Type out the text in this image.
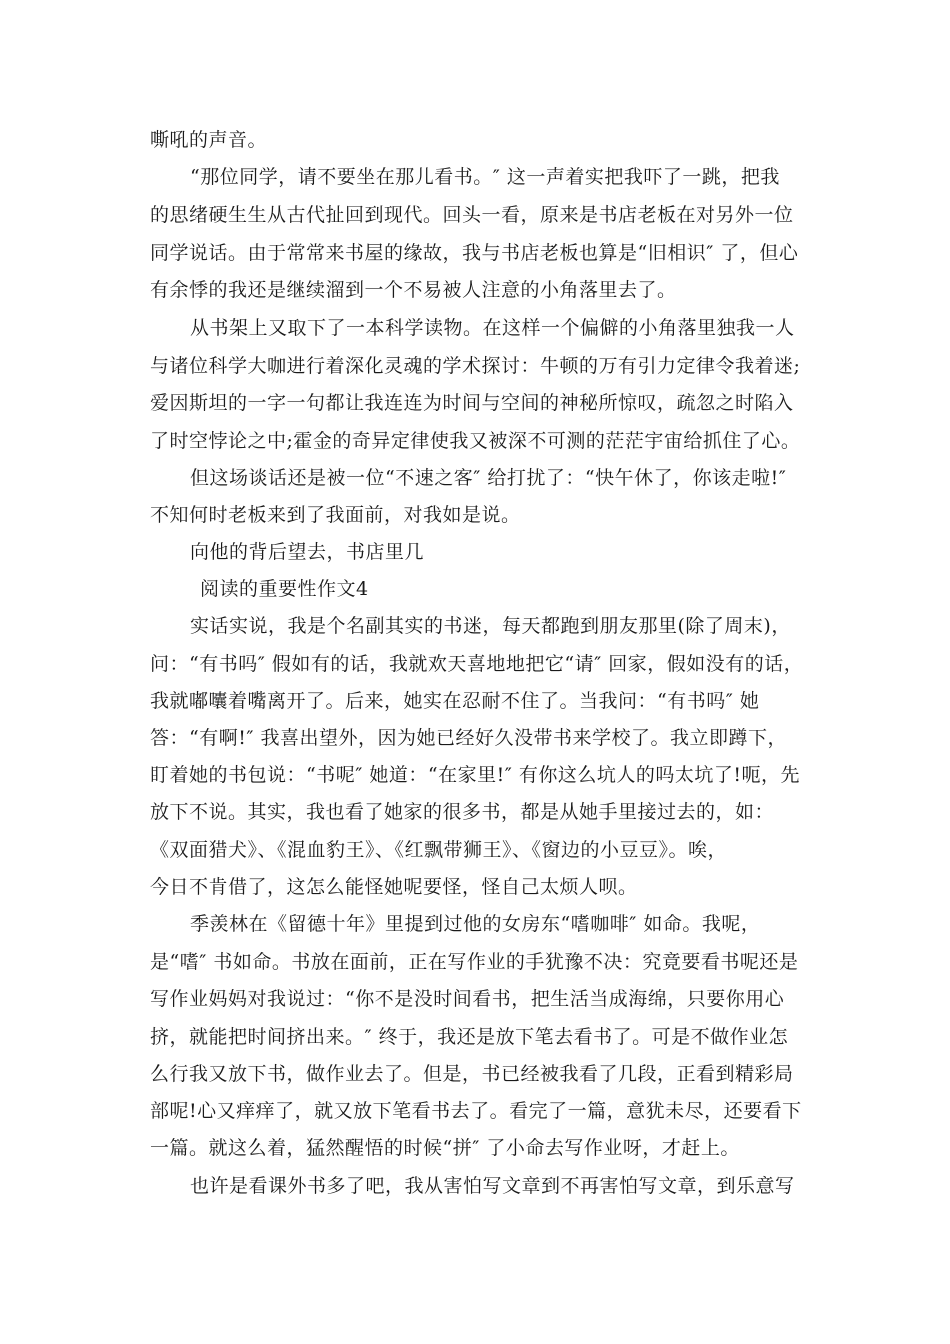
嘶吼的声音。
“那位同学，请不要坐在那儿看书。″ 这一声着实把我吓了一跳，把我
的思绪硬生生从古代扯回到现代。回头一看，原来是书店老板在对另外一位
同学说话。由于常常来书屋的缘故，我与书店老板也算是“旧相识″ 了，但心
有余悸的我还是继续溜到一个不易被人注意的小角落里去了。
从书架上又取下了一本科学读物。在这样一个偏僻的小角落里独我一人
与诸位科学大咖进行着深化灵魂的学术探讨：牛顿的万有引力定律令我着迷;
爱因斯坦的一字一句都让我连连为时间与空间的神秘所惊叹，疏忽之时陷入
了时空悖论之中;霍金的奇异定律使我又被深不可测的茫茫宇宙给抓住了心。
但这场谈话还是被一位“不速之客″ 给打扰了：“快午休了，你该走啦!″
不知何时老板来到了我面前，对我如是说。
向他的背后望去，书店里几
阅读的重要性作文4
实话实说，我是个名副其实的书迷，每天都跑到朋友那里(除了周末)，
问：“有书吗″ 假如有的话，我就欢天喜地地把它“请″ 回家，假如没有的话，
我就嘟囔着嘴离开了。后来，她实在忍耐不住了。当我问：“有书吗″ 她
答：“有啊!″ 我喜出望外，因为她已经好久没带书来学校了。我立即蹲下，
盯着她的书包说：“书呢″ 她道：“在家里!″ 有你这么坑人的吗太坑了!呃，先
放下不说。其实，我也看了她家的很多书，都是从她手里接过去的，如：
《双面猎犬》、《混血豹王》、《红飘带狮王》、《窗边的小豆豆》。唉，
今日不肯借了，这怎么能怪她呢要怪，怪自己太烦人呗。
季羡林在《留德十年》里提到过他的女房东“嗜咖啡″ 如命。我呢，
是“嗜″ 书如命。书放在面前，正在写作业的手犹豫不决：究竟要看书呢还是
写作业妈妈对我说过：“你不是没时间看书，把生活当成海绵，只要你用心
挤，就能把时间挤出来。″ 终于，我还是放下笔去看书了。可是不做作业怎
么行我又放下书，做作业去了。但是，书已经被我看了几段，正看到精彩局
部呢!心又痒痒了，就又放下笔看书去了。看完了一篇，意犹未尽，还要看下
一篇。就这么着，猛然醒悟的时候“拼″ 了小命去写作业呀，才赶上。
也许是看课外书多了吧，我从害怕写文章到不再害怕写文章，到乐意写
